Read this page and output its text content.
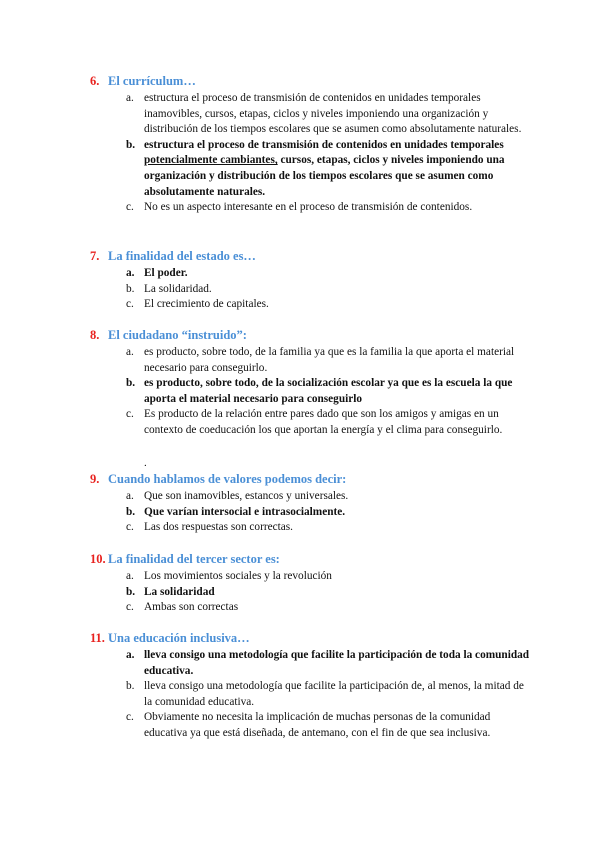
6. El currículum…
a. estructura el proceso de transmisión de contenidos en unidades temporales inamovibles, cursos, etapas, ciclos y niveles imponiendo una organización y distribución de los tiempos escolares que se asumen como absolutamente naturales.
b. estructura el proceso de transmisión de contenidos en unidades temporales potencialmente cambiantes, cursos, etapas, ciclos y niveles imponiendo una organización y distribución de los tiempos escolares que se asumen como absolutamente naturales.
c. No es un aspecto interesante en el proceso de transmisión de contenidos.
7. La finalidad del estado es…
a. El poder.
b. La solidaridad.
c. El crecimiento de capitales.
8. El ciudadano “instruido”:
a. es producto, sobre todo, de la familia ya que es la familia la que aporta el material necesario para conseguirlo.
b. es producto, sobre todo, de la socialización escolar ya que es la escuela la que aporta el material necesario para conseguirlo
c. Es producto de la relación entre pares dado que son los amigos y amigas en un contexto de coeducación los que aportan la energía y el clima para conseguirlo.
.
9. Cuando hablamos de valores podemos decir:
a. Que son inamovibles, estancos y universales.
b. Que varían intersocial e intrasocialmente.
c. Las dos respuestas son correctas.
10. La finalidad del tercer sector es:
a. Los movimientos sociales y la revolución
b. La solidaridad
c. Ambas son correctas
11. Una educación inclusiva…
a. lleva consigo una metodología que facilite la participación de toda la comunidad educativa.
b. lleva consigo una metodología que facilite la participación de, al menos, la mitad de la comunidad educativa.
c. Obviamente no necesita la implicación de muchas personas de la comunidad educativa ya que está diseñada, de antemano, con el fin de que sea inclusiva.
